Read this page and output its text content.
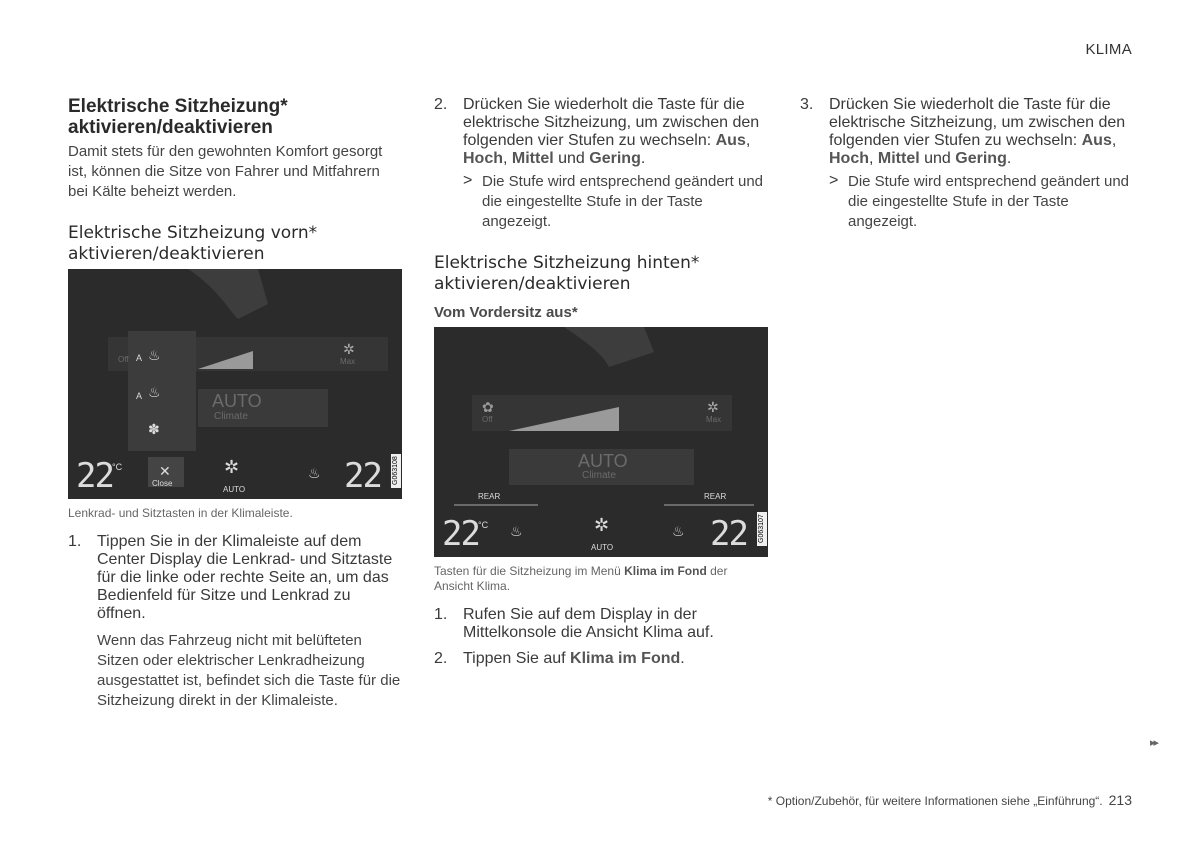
KLIMA
Elektrische Sitzheizung* aktivieren/deaktivieren

Damit stets für den gewohnten Komfort gesorgt ist, können die Sitze von Fahrer und Mitfahrern bei Kälte beheizt werden.

Elektrische Sitzheizung vorn* aktivieren/deaktivieren
Off	Max
✲
A ♨
A ♨
✽
AUTO
Climate
✕
Close
22 °C	✲
AUTO
♨ 22 G063108

Lenkrad- und Sitztasten in der Klimaleiste.

1. Tippen Sie in der Klimaleiste auf dem Center Display die Lenkrad- und Sitztaste für die linke oder rechte Seite an, um das Bedienfeld für Sitze und Lenkrad zu öffnen.

Wenn das Fahrzeug nicht mit belüfteten Sitzen oder elektrischer Lenkradheizung ausgestattet ist, befindet sich die Taste für die Sitzheizung direkt in der Klimaleiste.

2. Drücken Sie wiederholt die Taste für die elektrische Sitzheizung, um zwischen den folgenden vier Stufen zu wechseln: Aus, Hoch, Mittel und Gering.
> Die Stufe wird entsprechend geändert und die eingestellte Stufe in der Taste angezeigt.
Elektrische Sitzheizung hinten* aktivieren/deaktivieren
Vom Vordersitz aus*
✿
Off
✲
Max
AUTO
Climate
REAR	REAR
22 °C ♨	✲
AUTO
♨ 22 G063107

Tasten für die Sitzheizung im Menü Klima im Fond der Ansicht Klima.

1. Rufen Sie auf dem Display in der Mittelkonsole die Ansicht Klima auf.
2. Tippen Sie auf Klima im Fond.
3. Drücken Sie wiederholt die Taste für die elektrische Sitzheizung, um zwischen den folgenden vier Stufen zu wechseln: Aus, Hoch, Mittel und Gering.
> Die Stufe wird entsprechend geändert und die eingestellte Stufe in der Taste angezeigt.
▸▸
* Option/Zubehör, für weitere Informationen siehe „Einführung“. 213
